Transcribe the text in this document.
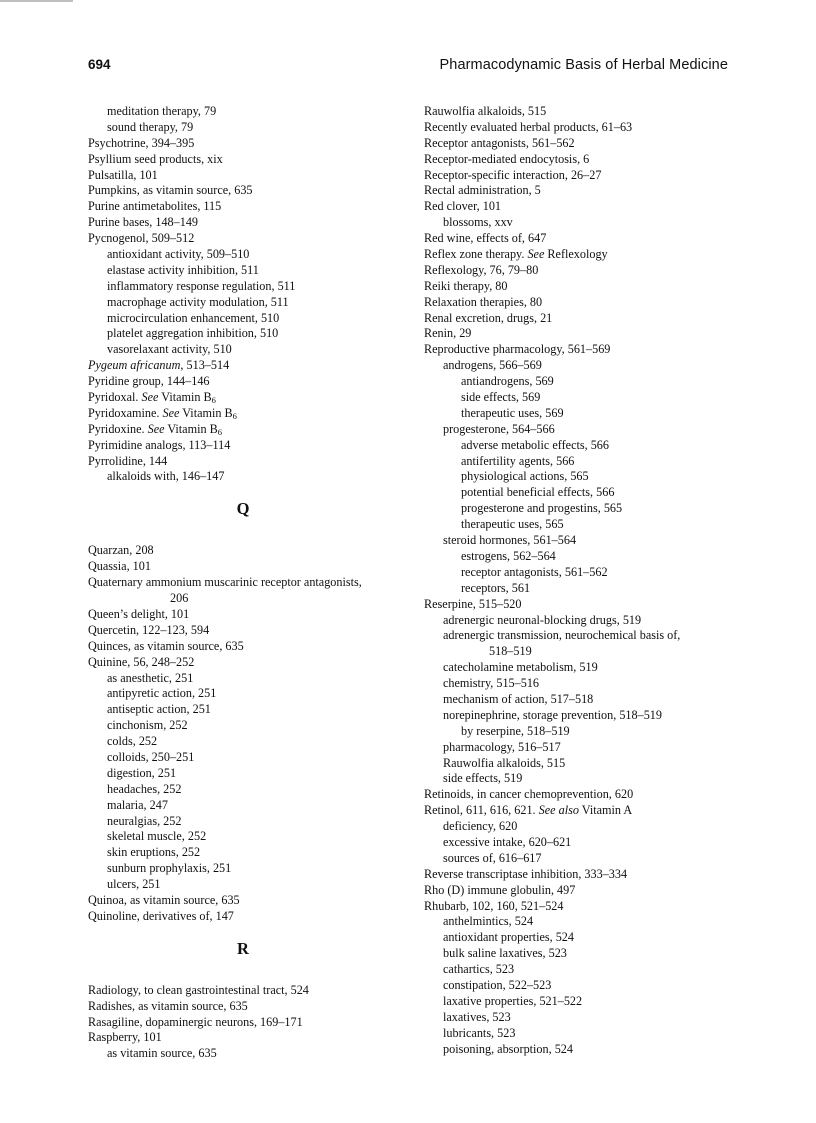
694	Pharmacodynamic Basis of Herbal Medicine
meditation therapy, 79
sound therapy, 79
Psychotrine, 394–395
Psyllium seed products, xix
Pulsatilla, 101
Pumpkins, as vitamin source, 635
Purine antimetabolites, 115
Purine bases, 148–149
Pycnogenol, 509–512
antioxidant activity, 509–510
elastase activity inhibition, 511
inflammatory response regulation, 511
macrophage activity modulation, 511
microcirculation enhancement, 510
platelet aggregation inhibition, 510
vasorelaxant activity, 510
Pygeum africanum, 513–514
Pyridine group, 144–146
Pyridoxal. See Vitamin $B_6$
Pyridoxamine. See Vitamin $B_6$
Pyridoxine. See Vitamin $B_6$
Pyrimidine analogs, 113–114
Pyrrolidine, 144
alkaloids with, 146–147
Q
Quarzan, 208
Quassia, 101
Quaternary ammonium muscarinic receptor antagonists,
206
Queen’s delight, 101
Quercetin, 122–123, 594
Quinces, as vitamin source, 635
Quinine, 56, 248–252
as anesthetic, 251
antipyretic action, 251
antiseptic action, 251
cinchonism, 252
colds, 252
colloids, 250–251
digestion, 251
headaches, 252
malaria, 247
neuralgias, 252
skeletal muscle, 252
skin eruptions, 252
sunburn prophylaxis, 251
ulcers, 251
Quinoa, as vitamin source, 635
Quinoline, derivatives of, 147
R
Radiology, to clean gastrointestinal tract, 524
Radishes, as vitamin source, 635
Rasagiline, dopaminergic neurons, 169–171
Raspberry, 101
as vitamin source, 635
Rauwolfia alkaloids, 515
Recently evaluated herbal products, 61–63
Receptor antagonists, 561–562
Receptor-mediated endocytosis, 6
Receptor-specific interaction, 26–27
Rectal administration, 5
Red clover, 101
blossoms, xxv
Red wine, effects of, 647
Reflex zone therapy. See Reflexology
Reflexology, 76, 79–80
Reiki therapy, 80
Relaxation therapies, 80
Renal excretion, drugs, 21
Renin, 29
Reproductive pharmacology, 561–569
androgens, 566–569
antiandrogens, 569
side effects, 569
therapeutic uses, 569
progesterone, 564–566
adverse metabolic effects, 566
antifertility agents, 566
physiological actions, 565
potential beneficial effects, 566
progesterone and progestins, 565
therapeutic uses, 565
steroid hormones, 561–564
estrogens, 562–564
receptor antagonists, 561–562
receptors, 561
Reserpine, 515–520
adrenergic neuronal-blocking drugs, 519
adrenergic transmission, neurochemical basis of,
518–519
catecholamine metabolism, 519
chemistry, 515–516
mechanism of action, 517–518
norepinephrine, storage prevention, 518–519
by reserpine, 518–519
pharmacology, 516–517
Rauwolfia alkaloids, 515
side effects, 519
Retinoids, in cancer chemoprevention, 620
Retinol, 611, 616, 621. See also Vitamin A
deficiency, 620
excessive intake, 620–621
sources of, 616–617
Reverse transcriptase inhibition, 333–334
Rho (D) immune globulin, 497
Rhubarb, 102, 160, 521–524
anthelmintics, 524
antioxidant properties, 524
bulk saline laxatives, 523
cathartics, 523
constipation, 522–523
laxative properties, 521–522
laxatives, 523
lubricants, 523
poisoning, absorption, 524
